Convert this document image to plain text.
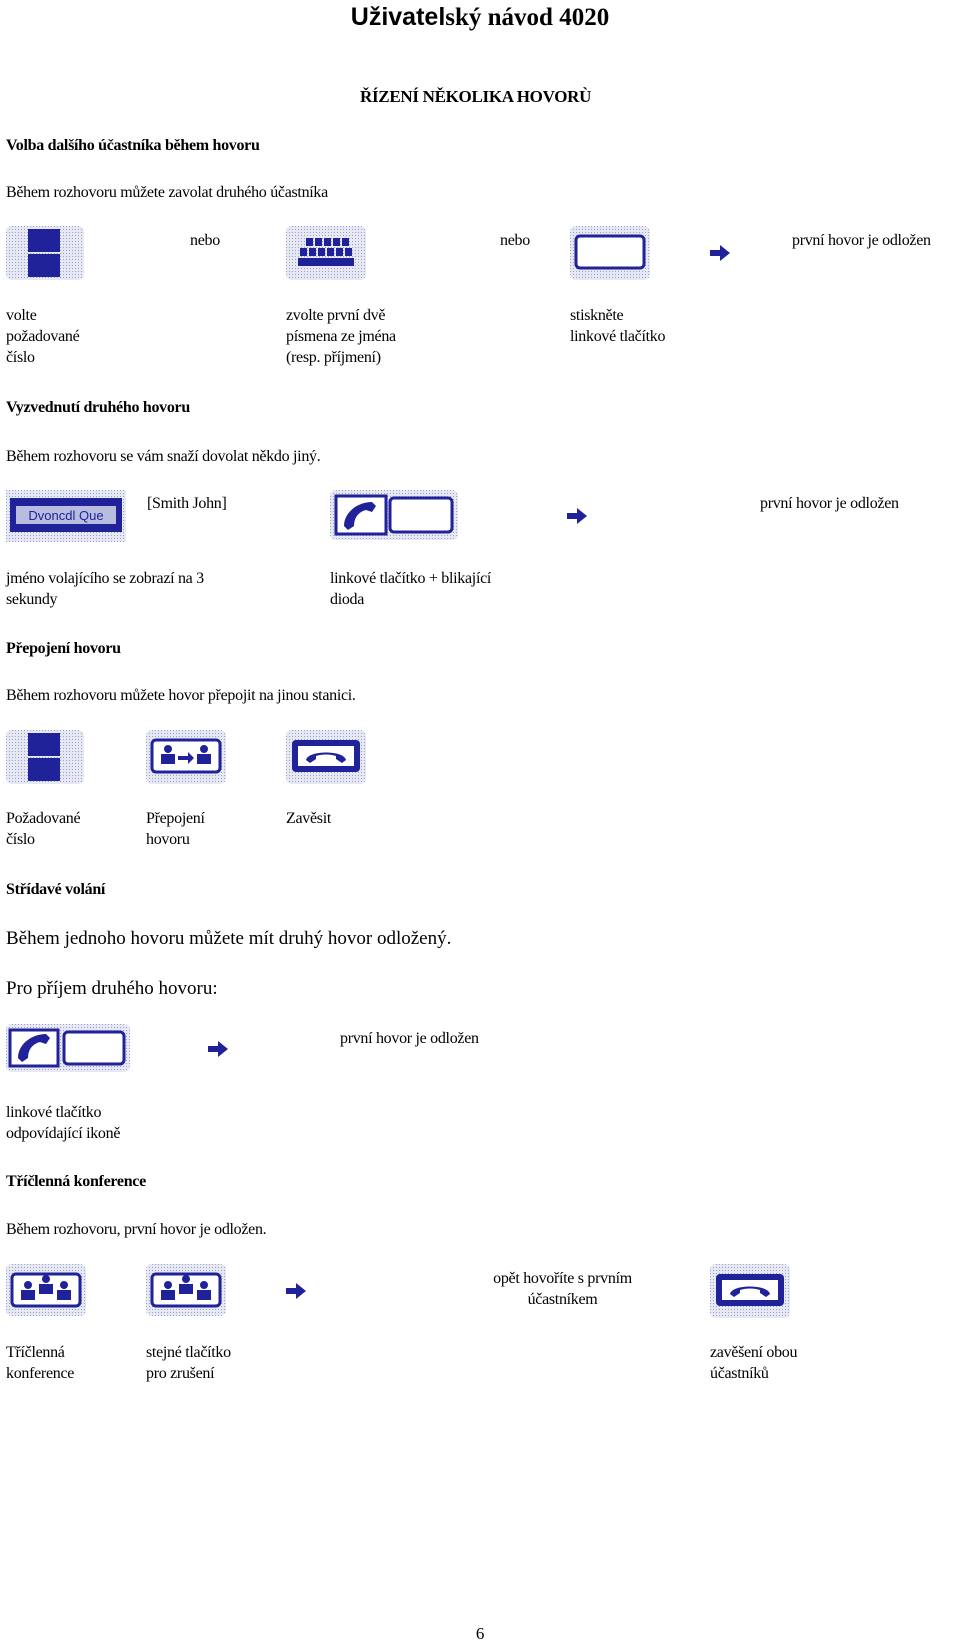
Uživatelský návod 4020
ŘÍZENÍ NĚKOLIKA HOVORÙ
Volba dalšího účastníka během hovoru
Během rozhovoru můžete zavolat druhého účastníka
nebo	nebo	první hovor je odložen
volte
požadované
číslo
zvolte první dvě
písmena ze jména
(resp. příjmení)
stiskněte
linkové tlačítko
Vyzvednutí druhého hovoru
Během rozhovoru se vám snaží dovolat někdo jiný.
Dvoncdl Que
[Smith John]	první hovor je odložen
jméno volajícího se zobrazí na 3
sekundy
linkové tlačítko + blikající
dioda
Přepojení hovoru
Během rozhovoru můžete hovor přepojit na jinou stanici.
Požadované
číslo
Přepojení
hovoru
Zavěsit
Střídavé volání
Během jednoho hovoru můžete mít druhý hovor odložený.
Pro příjem druhého hovoru:
první hovor je odložen
linkové tlačítko
odpovídající ikoně
Tříčlenná konference
Během rozhovoru, první hovor je odložen.
opět hovoříte s prvním
účastníkem
Tříčlenná
konference
stejné tlačítko
pro zrušení
zavěšení obou
účastníků
6
